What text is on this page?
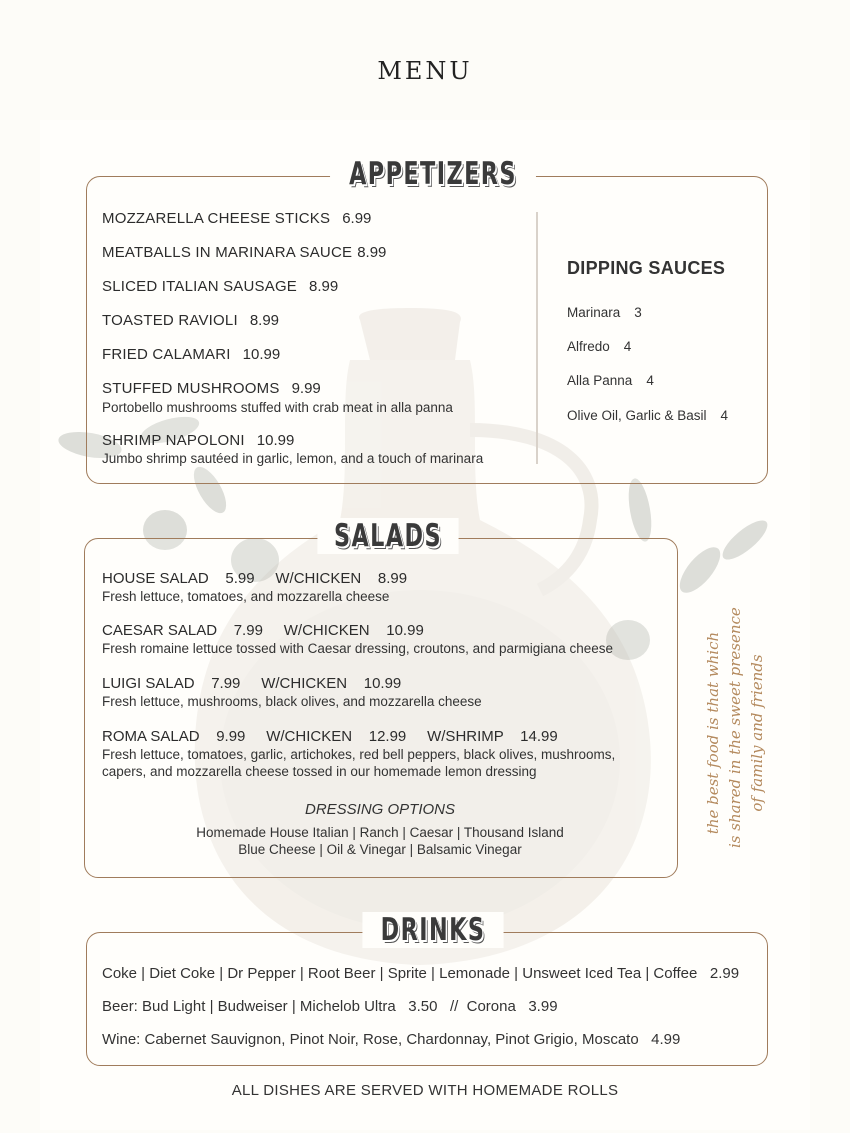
MENU
APPETIZERS
MOZZARELLA CHEESE STICKS 6.99
MEATBALLS IN MARINARA SAUCE 8.99
SLICED ITALIAN SAUSAGE 8.99
TOASTED RAVIOLI 8.99
FRIED CALAMARI 10.99
STUFFED MUSHROOMS 9.99
Portobello mushrooms stuffed with crab meat in alla panna
SHRIMP NAPOLONI 10.99
Jumbo shrimp sautéed in garlic, lemon, and a touch of marinara
DIPPING SAUCES
Marinara 3
Alfredo 4
Alla Panna 4
Olive Oil, Garlic & Basil 4
SALADS
HOUSE SALAD    5.99     W/CHICKEN    8.99
Fresh lettuce, tomatoes, and mozzarella cheese
CAESAR SALAD    7.99     W/CHICKEN    10.99
Fresh romaine lettuce tossed with Caesar dressing, croutons, and parmigiana cheese
LUIGI SALAD    7.99     W/CHICKEN    10.99
Fresh lettuce, mushrooms, black olives, and mozzarella cheese
ROMA SALAD    9.99     W/CHICKEN    12.99     W/SHRIMP    14.99
Fresh lettuce, tomatoes, garlic, artichokes, red bell peppers, black olives, mushrooms,
capers, and mozzarella cheese tossed in our homemade lemon dressing
DRESSING OPTIONS
Homemade House Italian | Ranch | Caesar | Thousand Island
Blue Cheese | Oil & Vinegar | Balsamic Vinegar
the best food is that which is shared in the sweet presence of family and friends
DRINKS
Coke | Diet Coke | Dr Pepper | Root Beer | Sprite | Lemonade | Unsweet Iced Tea | Coffee   2.99
Beer: Bud Light | Budweiser | Michelob Ultra   3.50   //  Corona   3.99
Wine: Cabernet Sauvignon, Pinot Noir, Rose, Chardonnay, Pinot Grigio, Moscato   4.99
ALL DISHES ARE SERVED WITH HOMEMADE ROLLS
